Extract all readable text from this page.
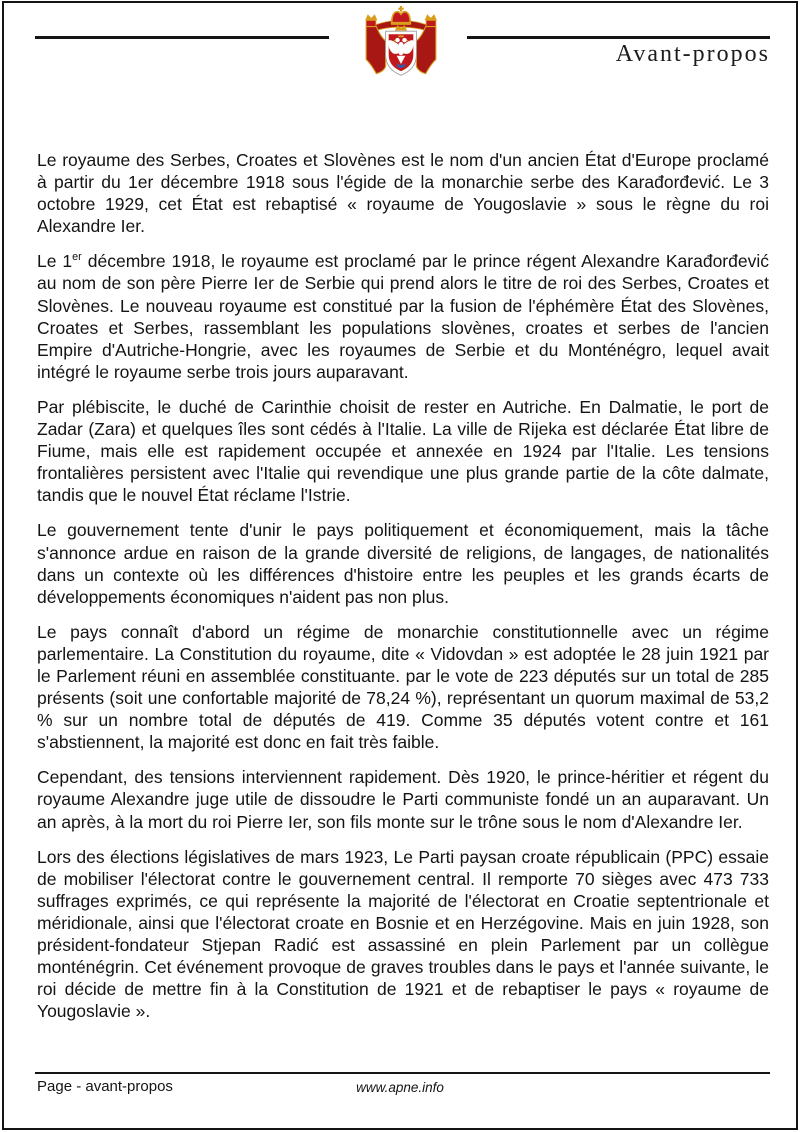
Avant-propos

Le royaume des Serbes, Croates et Slovènes est le nom d'un ancien État d'Europe proclamé à partir du 1er décembre 1918 sous l'égide de la monarchie serbe des Karađorđević. Le 3 octobre 1929, cet État est rebaptisé « royaume de Yougoslavie » sous le règne du roi Alexandre Ier.

Le 1er décembre 1918, le royaume est proclamé par le prince régent Alexandre Karađorđević au nom de son père Pierre Ier de Serbie qui prend alors le titre de roi des Serbes, Croates et Slovènes. Le nouveau royaume est constitué par la fusion de l'éphémère État des Slovènes, Croates et Serbes, rassemblant les populations slovènes, croates et serbes de l'ancien Empire d'Autriche-Hongrie, avec les royaumes de Serbie et du Monténégro, lequel avait intégré le royaume serbe trois jours auparavant.

Par plébiscite, le duché de Carinthie choisit de rester en Autriche. En Dalmatie, le port de Zadar (Zara) et quelques îles sont cédés à l'Italie. La ville de Rijeka est déclarée État libre de Fiume, mais elle est rapidement occupée et annexée en 1924 par l'Italie. Les tensions frontalières persistent avec l'Italie qui revendique une plus grande partie de la côte dalmate, tandis que le nouvel État réclame l'Istrie.

Le gouvernement tente d'unir le pays politiquement et économiquement, mais la tâche s'annonce ardue en raison de la grande diversité de religions, de langages, de nationalités dans un contexte où les différences d'histoire entre les peuples et les grands écarts de développements économiques n'aident pas non plus.

Le pays connaît d'abord un régime de monarchie constitutionnelle avec un régime parlementaire. La Constitution du royaume, dite « Vidovdan » est adoptée le 28 juin 1921 par le Parlement réuni en assemblée constituante. par le vote de 223 députés sur un total de 285 présents (soit une confortable majorité de 78,24 %), représentant un quorum maximal de 53,2 % sur un nombre total de députés de 419. Comme 35 députés votent contre et 161 s'abstiennent, la majorité est donc en fait très faible.

Cependant, des tensions interviennent rapidement. Dès 1920, le prince-héritier et régent du royaume Alexandre juge utile de dissoudre le Parti communiste fondé un an auparavant. Un an après, à la mort du roi Pierre Ier, son fils monte sur le trône sous le nom d'Alexandre Ier.

Lors des élections législatives de mars 1923, Le Parti paysan croate républicain (PPC) essaie de mobiliser l'électorat contre le gouvernement central. Il remporte 70 sièges avec 473 733 suffrages exprimés, ce qui représente la majorité de l'électorat en Croatie septentrionale et méridionale, ainsi que l'électorat croate en Bosnie et en Herzégovine. Mais en juin 1928, son président-fondateur Stjepan Radić est assassiné en plein Parlement par un collègue monténégrin. Cet événement provoque de graves troubles dans le pays et l'année suivante, le roi décide de mettre fin à la Constitution de 1921 et de rebaptiser le pays « royaume de Yougoslavie ».

Page - avant-propos	www.apne.info
